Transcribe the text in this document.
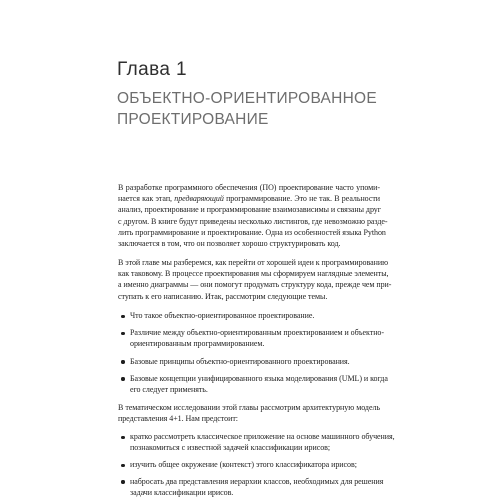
Глава 1
ОБЪЕКТНО-ОРИЕНТИРОВАННОЕ
ПРОЕКТИРОВАНИЕ
В разработке программного обеспечения (ПО) проектирование часто упоми-
нается как этап, предваряющий программирование. Это не так. В реальности
анализ, проектирование и программирование взаимозависимы и связаны друг
с другом. В книге будут приведены несколько листингов, где невозможно разде-
лить программирование и проектирование. Одна из особенностей языка Python
заключается в том, что он позволяет хорошо структурировать код.
В этой главе мы разберемся, как перейти от хорошей идеи к программированию
как таковому. В процессе проектирования мы сформируем наглядные элементы,
а именно диаграммы — они помогут продумать структуру кода, прежде чем при-
ступать к его написанию. Итак, рассмотрим следующие темы.
Что такое объектно-ориентированное проектирование.
Различие между объектно-ориентированным проектированием и объектно-
ориентированным программированием.
Базовые принципы объектно-ориентированного проектирования.
Базовые концепции унифицированного языка моделирования (UML) и когда
его следует применять.
В тематическом исследовании этой главы рассмотрим архитектурную модель
представления 4+1. Нам предстоит:
кратко рассмотреть классическое приложение на основе машинного обучения,
познакомиться с известной задачей классификации ирисов;
изучить общее окружение (контекст) этого классификатора ирисов;
набросать два представления иерархии классов, необходимых для решения
задачи классификации ирисов.
